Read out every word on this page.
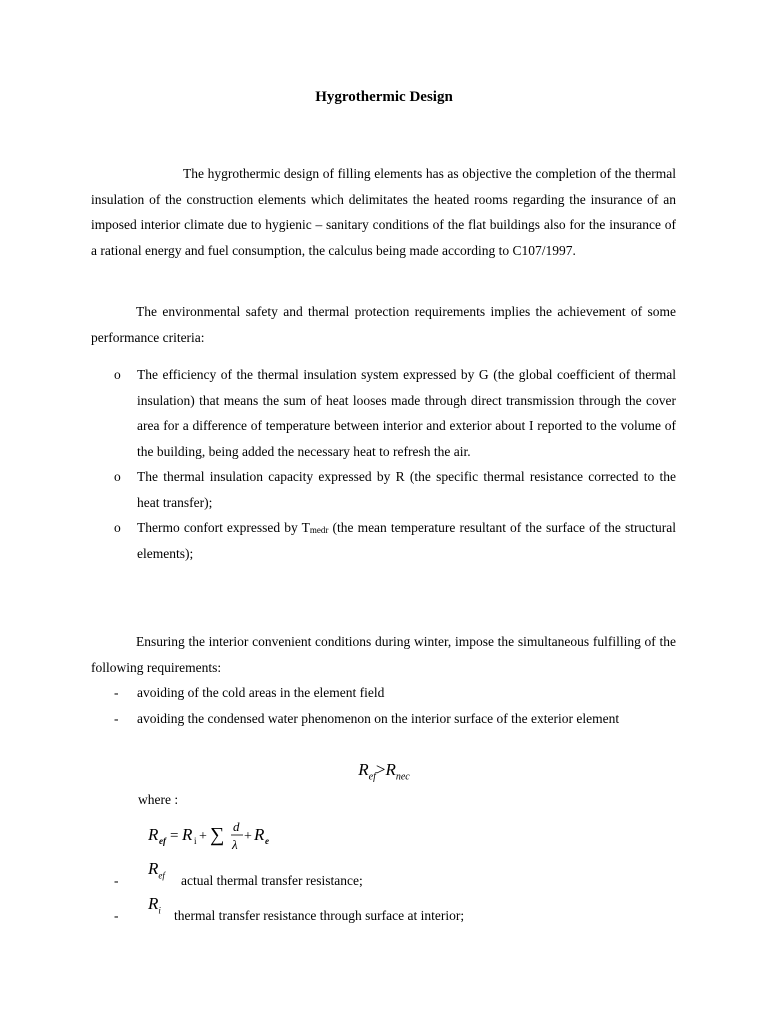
Hygrothermic Design

The hygrothermic design of filling elements has as objective the completion of the thermal insulation of the construction elements which delimitates the heated rooms regarding the insurance of an imposed interior climate due to hygienic – sanitary conditions of the flat buildings also for the insurance of a rational energy and fuel consumption, the calculus being made according to C107/1997.

The environmental safety and thermal protection requirements implies the achievement of some performance criteria:

o The efficiency of the thermal insulation system expressed by G (the global coefficient of thermal insulation) that means the sum of heat looses made through direct transmission through the cover area for a difference of temperature between interior and exterior about I reported to the volume of the building, being added the necessary heat to refresh the air.
o The thermal insulation capacity expressed by R (the specific thermal resistance corrected to the heat transfer);
o Thermo confort expressed by $T_{medr}$ (the mean temperature resultant of the surface of the structural elements);

Ensuring the interior convenient conditions during winter, impose the simultaneous fulfilling of the following requirements:

- avoiding of the cold areas in the element field
- avoiding the condensed water phenomenon on the interior surface of the exterior element
$R_{ef}>R_{nec}$
where :
R ef = R i + ∑ d
λ
+ R e
-
$R_{ef}$ actual thermal transfer resistance;
-
$R_i$ thermal transfer resistance through surface at interior;
